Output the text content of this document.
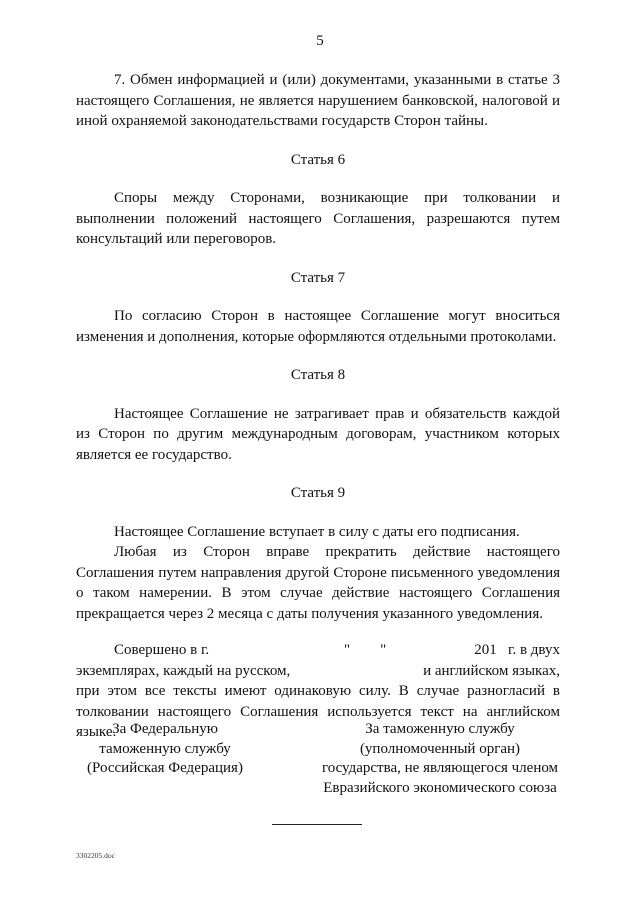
5

7. Обмен информацией и (или) документами, указанными в статье 3 настоящего Соглашения, не является нарушением банковской, налоговой и иной охраняемой законодательствами государств Сторон тайны.

Статья 6

Споры между Сторонами, возникающие при толковании и выполнении положений настоящего Соглашения, разрешаются путем консультаций или переговоров.

Статья 7

По согласию Сторон в настоящее Соглашение могут вноситься изменения и дополнения, которые оформляются отдельными протоколами.

Статья 8

Настоящее Соглашение не затрагивает прав и обязательств каждой из Сторон по другим международным договорам, участником которых является ее государство.

Статья 9

Настоящее Соглашение вступает в силу с даты его подписания.

Любая из Сторон вправе прекратить действие настоящего Соглашения путем направления другой Стороне письменного уведомления о таком намерении. В этом случае действие настоящего Соглашения прекращается через 2 месяца с даты получения указанного уведомления.

Совершено в г.	"        "	201   г. в двух
экземплярах, каждый на русском,	и английском языках,

при этом все тексты имеют одинаковую силу. В случае разногласий в толковании настоящего Соглашения используется текст на английском языке.

За Федеральную
таможенную службу
(Российская Федерация)
За таможенную службу
(уполномоченный орган)
государства, не являющегося членом
Евразийского экономического союза
3302205.doc
